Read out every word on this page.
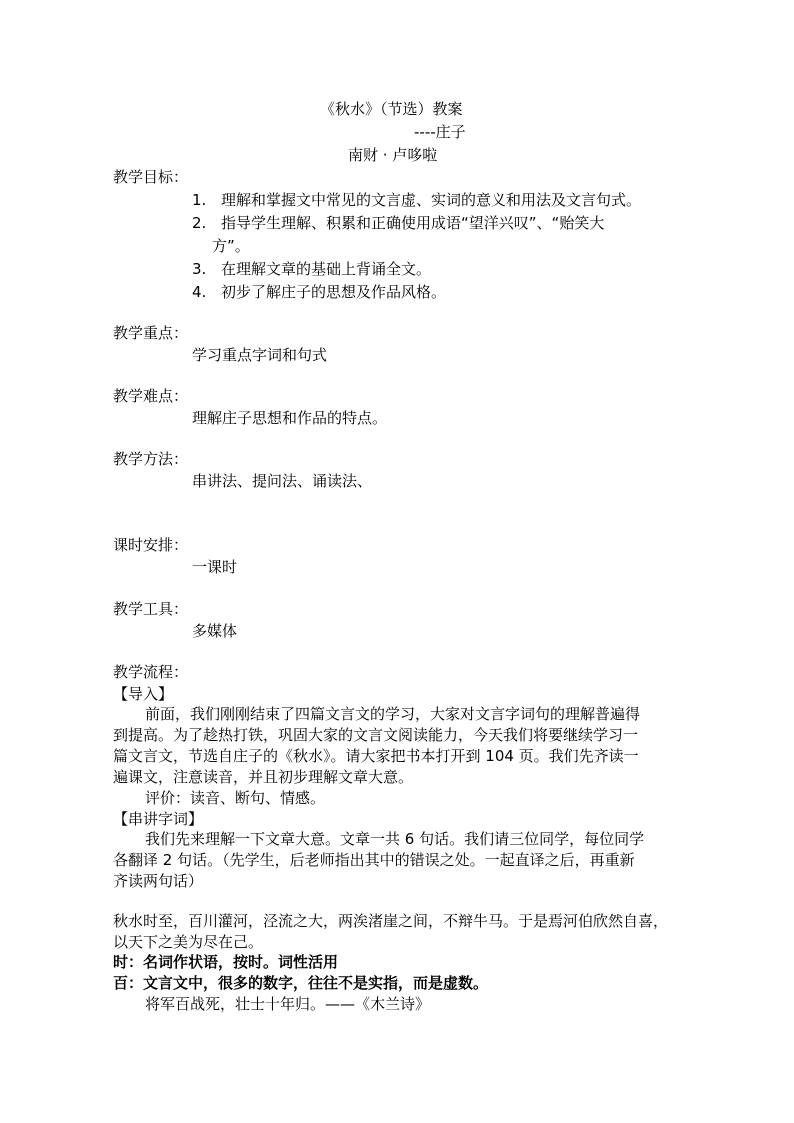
《秋水》（节选）教案
----庄子
南财 · 卢哆啦
教学目标：
1. 理解和掌握文中常见的文言虚、实词的意义和用法及文言句式。
2. 指导学生理解、积累和正确使用成语“望洋兴叹”、“贻笑大
方”。
3. 在理解文章的基础上背诵全文。
4. 初步了解庄子的思想及作品风格。
教学重点：
学习重点字词和句式
教学难点：
理解庄子思想和作品的特点。
教学方法：
串讲法、提问法、诵读法、
课时安排：
一课时
教学工具：
多媒体
教学流程：
【导入】
前面，我们刚刚结束了四篇文言文的学习，大家对文言字词句的理解普遍得
到提高。为了趁热打铁，巩固大家的文言文阅读能力，今天我们将要继续学习一
篇文言文，节选自庄子的《秋水》。请大家把书本打开到 104 页。我们先齐读一
遍课文，注意读音，并且初步理解文章大意。
评价：读音、断句、情感。
【串讲字词】
我们先来理解一下文章大意。文章一共 6 句话。我们请三位同学，每位同学
各翻译 2 句话。（先学生，后老师指出其中的错误之处。一起直译之后，再重新
齐读两句话）
秋水时至，百川灌河，泾流之大，两涘渚崖之间，不辩牛马。于是焉河伯欣然自喜，
以天下之美为尽在己。
时：名词作状语，按时。词性活用
百：文言文中，很多的数字，往往不是实指，而是虚数。
将军百战死，壮士十年归。——《木兰诗》
